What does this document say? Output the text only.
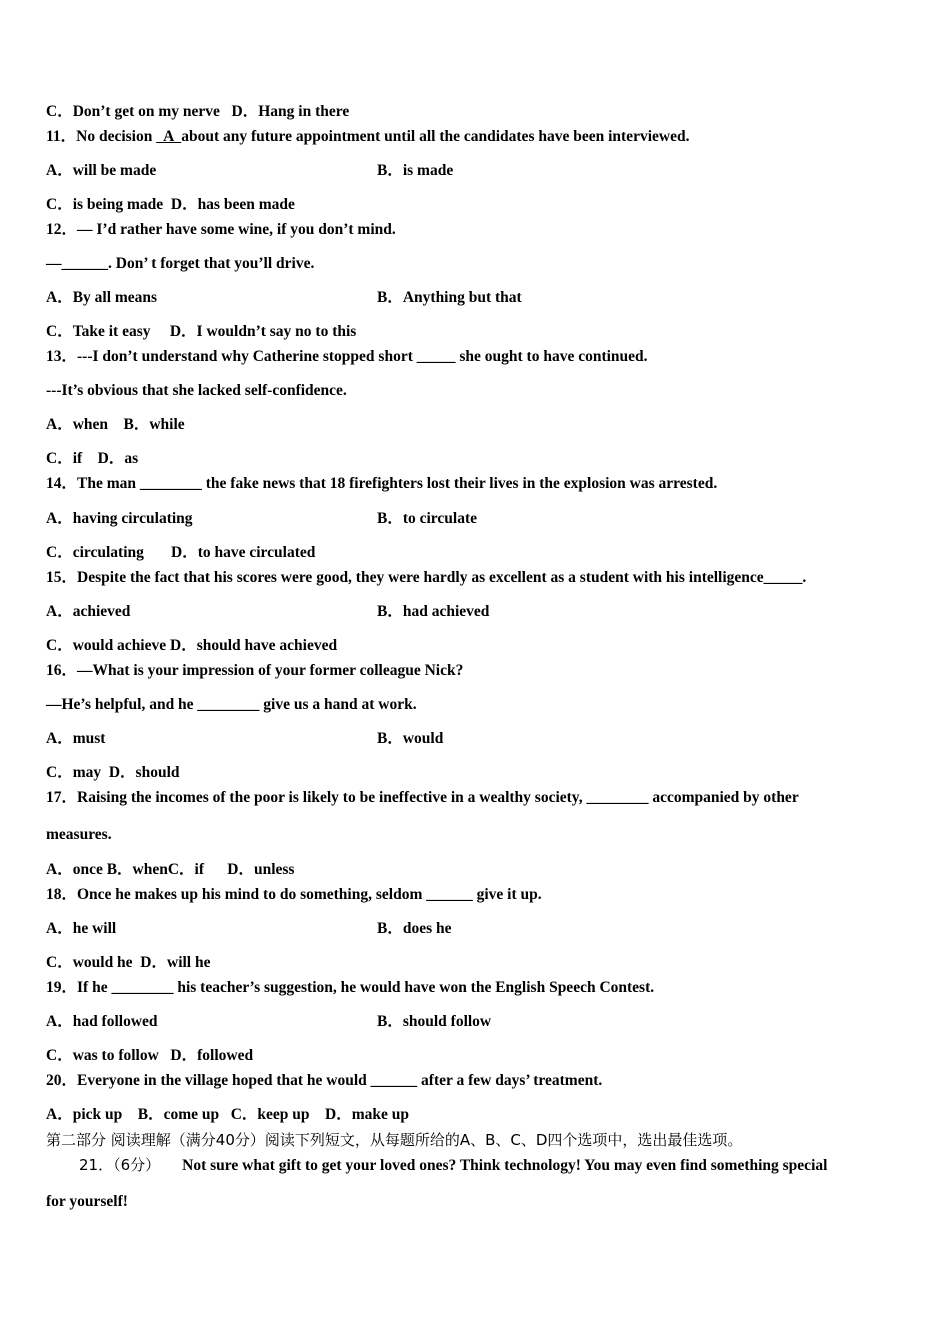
C．Don’t get on my nerve   D．Hang in there
11．No decision   A  about any future appointment until all the candidates have been interviewed.
A．will be made	B．is made
C．is being made  D．has been made
12．— I’d rather have some wine, if you don’t mind.
—______. Don’ t forget that you’ll drive.
A．By all means	B．Anything but that
C．Take it easy     D．I wouldn’t say no to this
13．---I don’t understand why Catherine stopped short _____ she ought to have continued.
---It’s obvious that she lacked self-confidence.
A．when    B．while
C．if    D．as
14．The man ________ the fake news that 18 firefighters lost their lives in the explosion was arrested.
A．having circulating	B．to circulate
C．circulating       D．to have circulated
15．Despite the fact that his scores were good, they were hardly as excellent as a student with his intelligence_____.
A．achieved	B．had achieved
C．would achieve D．should have achieved
16．—What is your impression of your former colleague Nick?
—He’s helpful, and he ________ give us a hand at work.
A．must	B．would
C．may  D．should
17．Raising the incomes of the poor is likely to be ineffective in a wealthy society, ________ accompanied by other
measures.
A．once B．whenC．if      D．unless
18．Once he makes up his mind to do something, seldom ______ give it up.
A．he will	B．does he
C．would he  D．will he
19．If he ________ his teacher’s suggestion, he would have won the English Speech Contest.
A．had followed	B．should follow
C．was to follow   D．followed
20．Everyone in the village hoped that he would ______ after a few days’ treatment.
A．pick up    B．come up   C．keep up    D．make up
第二部分 阅读理解（满分40分）阅读下列短文，从每题所给的A、B、C、D四个选项中，选出最佳选项。
21．（6分） Not sure what gift to get your loved ones? Think technology! You may even find something special
for yourself!
